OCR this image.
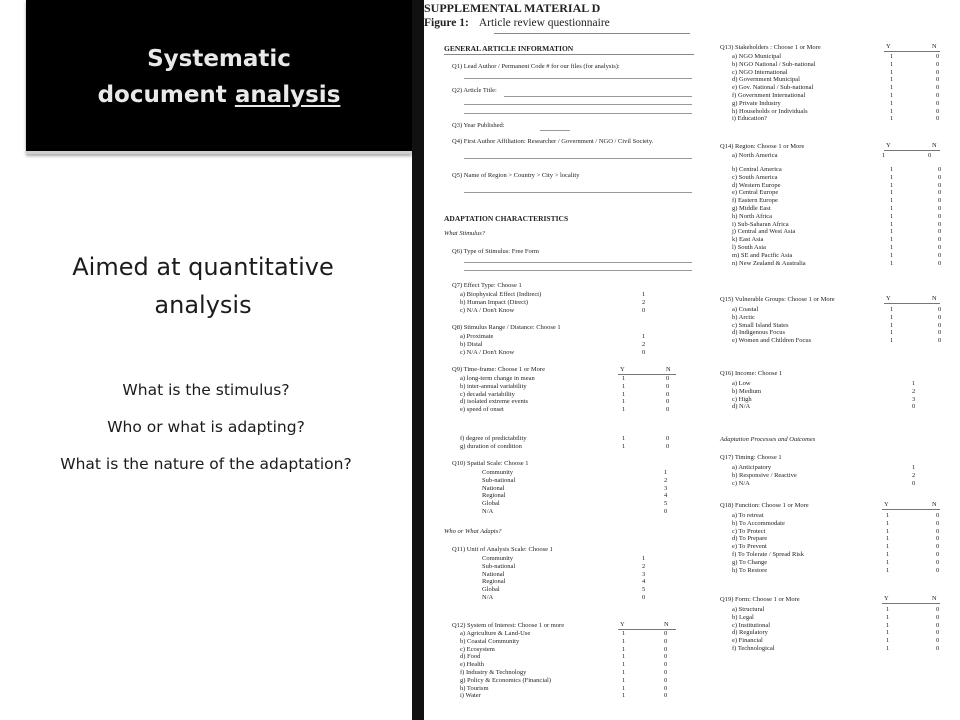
Systematic
document analysis
Aimed at quantitative analysis
What is the stimulus?
Who or what is adapting?
What is the nature of the adaptation?
SUPPLEMENTAL MATERIAL D
Figure 1: Article review questionnaire
GENERAL ARTICLE INFORMATION
Q1) Lead Author / Permanent Code # for our files (for analysis):
Q2) Article Title:
Q3) Year Published:
Q4) First Author Affiliation: Researcher / Government / NGO / Civil Society.
Q5) Name of Region > Country > City > locality
ADAPTATION CHARACTERISTICS
What Stimulus?
Q6) Type of Stimulus: Free Form
Q7) Effect Type: Choose 1
a) Biophysical Effect (Indirect)	1
b) Human Impact (Direct)	2
c) N/A / Don't Know	0
Q8) Stimulus Range / Distance: Choose 1
a) Proximate	1
b) Distal	2
c) N/A / Don't Know	0
Q9) Time-frame: Choose 1 or More	Y	N
a) long-term change in mean	1	0
b) inter-annual variability	1	0
c) decadal variability	1	0
d) isolated extreme events	1	0
e) speed of onset	1	0
f) degree of predictability	1	0
g) duration of condition	1	0
Q10) Spatial Scale: Choose 1
Community	1
Sub-national	2
National	3
Regional	4
Global	5
N/A	0
Who or What Adapts?
Q11) Unit of Analysis Scale: Choose 1
Community	1
Sub-national	2
National	3
Regional	4
Global	5
N/A	0
Q12) System of Interest: Choose 1 or more	Y	N
a) Agriculture & Land-Use	1	0
b) Coastal Community	1	0
c) Ecosystem	1	0
d) Food	1	0
e) Health	1	0
f) Industry & Technology	1	0
g) Policy & Economics (Financial)	1	0
h) Tourism	1	0
i) Water	1	0
Q13) Stakeholders : Choose 1 or More	Y	N
a) NGO Municipal	1	0
b) NGO National / Sub-national	1	0
c) NGO International	1	0
d) Government Municipal	1	0
e) Gov. National / Sub-national	1	0
f) Government International	1	0
g) Private Industry	1	0
h) Households or Individuals	1	0
i) Education?	1	0
Q14) Region: Choose 1 or More	Y	N
a) North America	1	0
b) Central America	1	0
c) South America	1	0
d) Western Europe	1	0
e) Central Europe	1	0
f) Eastern Europe	1	0
g) Middle East	1	0
h) North Africa	1	0
i) Sub-Saharan Africa	1	0
j) Central and West Asia	1	0
k) East Asia	1	0
l) South Asia	1	0
m) SE and Pacific Asia	1	0
n) New Zealand & Australia	1	0
Q15) Vulnerable Groups: Choose 1 or More	Y	N
a) Coastal	1	0
b) Arctic	1	0
c) Small Island States	1	0
d) Indigenous Focus	1	0
e) Women and Children Focus	1	0
Q16) Income: Choose 1
a) Low	1
b) Medium	2
c) High	3
d) N/A	0
Adaptation Processes and Outcomes
Q17) Timing: Choose 1
a) Anticipatory	1
b) Responsive / Reactive	2
c) N/A	0
Q18) Function: Choose 1 or More	Y	N
a) To retreat	1	0
b) To Accommodate	1	0
c) To Protect	1	0
d) To Prepare	1	0
e) To Prevent	1	0
f) To Tolerate / Spread Risk	1	0
g) To Change	1	0
h) To Restore	1	0
Q19) Form: Choose 1 or More	Y	N
a) Structural	1	0
b) Legal	1	0
c) Institutional	1	0
d) Regulatory	1	0
e) Financial	1	0
f) Technological	1	0
